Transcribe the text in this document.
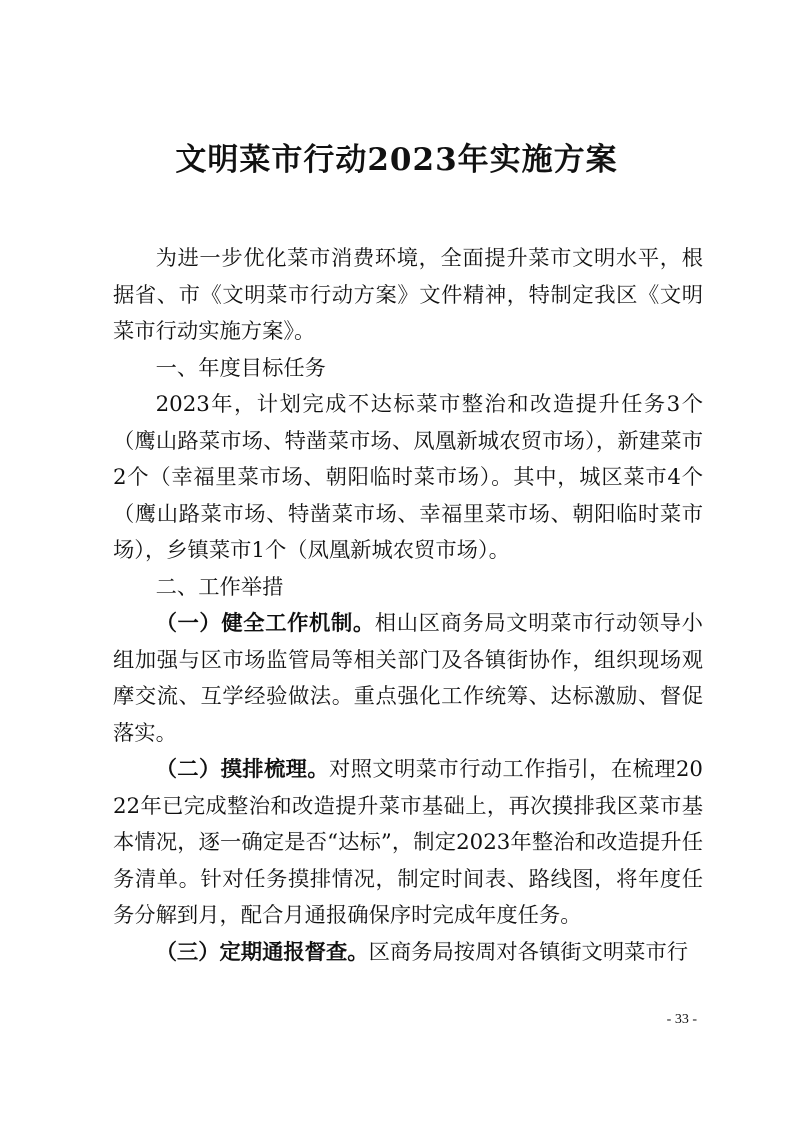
文明菜市行动2023年实施方案

为进一步优化菜市消费环境，全面提升菜市文明水平，根据省、市《文明菜市行动方案》文件精神，特制定我区《文明菜市行动实施方案》。

一、年度目标任务

2023年，计划完成不达标菜市整治和改造提升任务3个（鹰山路菜市场、特凿菜市场、凤凰新城农贸市场），新建菜市2个（幸福里菜市场、朝阳临时菜市场）。其中，城区菜市4个（鹰山路菜市场、特凿菜市场、幸福里菜市场、朝阳临时菜市场），乡镇菜市1个（凤凰新城农贸市场）。

二、工作举措

（一）健全工作机制。相山区商务局文明菜市行动领导小组加强与区市场监管局等相关部门及各镇街协作，组织现场观摩交流、互学经验做法。重点强化工作统筹、达标激励、督促落实。

（二）摸排梳理。对照文明菜市行动工作指引，在梳理2022年已完成整治和改造提升菜市基础上，再次摸排我区菜市基本情况，逐一确定是否“达标”，制定2023年整治和改造提升任务清单。针对任务摸排情况，制定时间表、路线图，将年度任务分解到月，配合月通报确保序时完成年度任务。

（三）定期通报督查。区商务局按周对各镇街文明菜市行

- 33 -
